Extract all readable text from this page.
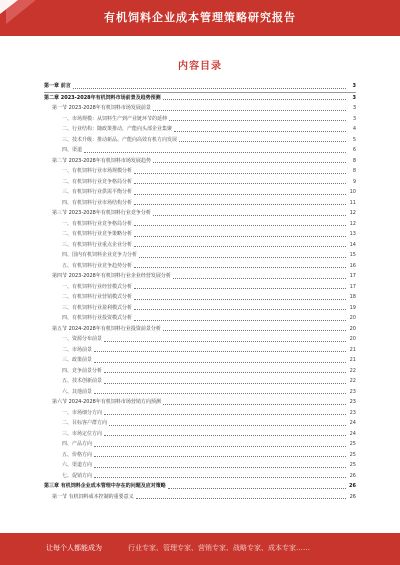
有机饲料企业成本管理策略研究报告
内容目录
第一章 前言	3
第二章 2023-2028年有机饲料市场前景及趋势预测	3
第一节 2023-2028年有机饲料市场发展前景	3
一、市场规模：从饲料生产到产业链环节的延伸	3
二、行业结构：随政策推动，产能向头部企业集聚	4
三、技术升级：推动新品、产能向高效有机方向发展	5
四、渠道	6
第二节 2023-2028年有机饲料市场发展趋势	8
一、有机饲料行业市场规模分析	8
二、有机饲料行业竞争格局分析	9
三、有机饲料行业供需平衡分析	10
四、有机饲料行业市场结构分析	11
第三节 2023-2028年有机饲料行业竞争分析	12
一、有机饲料行业竞争格局分析	12
二、有机饲料行业竞争策略分析	13
三、有机饲料行业重点企业分析	14
四、国内有机饲料企业竞争力分析	15
五、有机饲料行业竞争趋势分析	16
第四节 2023-2028年有机饲料行业企业经营发展分析	17
一、有机饲料行业经营模式分析	17
二、有机饲料行业营销模式分析	18
三、有机饲料行业盈利模式分析	19
四、有机饲料行业投资模式分析	20
第五节 2024-2028年有机饲料行业投资前景分析	20
一、资源分布前景	20
二、市场前景	21
三、政策前景	21
四、竞争前景分析	22
五、技术创新前景	22
六、其他前景	23
第六节 2024-2028年有机饲料市场营销方向预测	23
一、市场细分方向	23
二、目标客户群方向	24
三、市场定位方向	24
四、产品方向	25
五、价格方向	25
六、渠道方向	25
七、促销方向	26
第三章 有机饲料企业成本管理中存在的问题及应对策略	26
第一节 有机饲料成本控制的重要意义	26
让每个人都能成为	行业专家、管理专家、营销专家、战略专家、成本专家……
